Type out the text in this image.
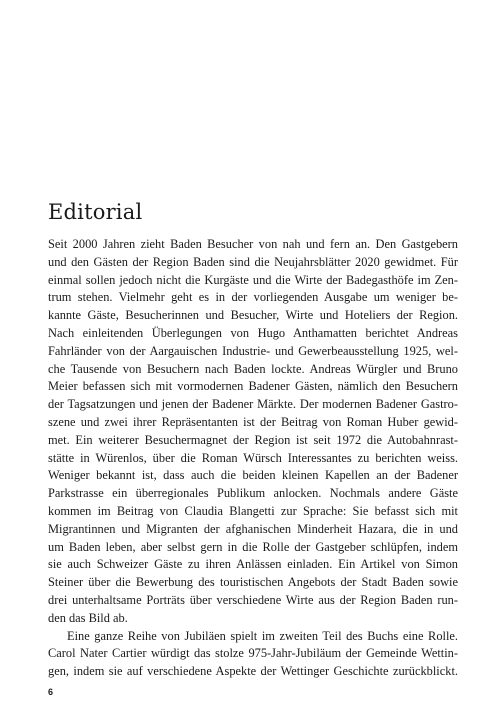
Editorial
Seit 2000 Jahren zieht Baden Besucher von nah und fern an. Den Gastgebern
und den Gästen der Region Baden sind die Neujahrsblätter 2020 gewidmet. Für
einmal sollen jedoch nicht die Kurgäste und die Wirte der Badegasthöfe im Zen-
trum stehen. Vielmehr geht es in der vorliegenden Ausgabe um weniger be-
kannte Gäste, Besucherinnen und Besucher, Wirte und Hoteliers der Region.
Nach einleitenden Überlegungen von Hugo Anthamatten berichtet Andreas
Fahrländer von der Aargauischen Industrie- und Gewerbeausstellung 1925, wel-
che Tausende von Besuchern nach Baden lockte. Andreas Würgler und Bruno
Meier befassen sich mit vormodernen Badener Gästen, nämlich den Besuchern
der Tagsatzungen und jenen der Badener Märkte. Der modernen Badener Gastro-
szene und zwei ihrer Repräsentanten ist der Beitrag von Roman Huber gewid-
met. Ein weiterer Besuchermagnet der Region ist seit 1972 die Autobahnrast-
stätte in Würenlos, über die Roman Würsch Interessantes zu berichten weiss.
Weniger bekannt ist, dass auch die beiden kleinen Kapellen an der Badener
Parkstrasse ein überregionales Publikum anlocken. Nochmals andere Gäste
kommen im Beitrag von Claudia Blangetti zur Sprache: Sie befasst sich mit
Migrantinnen und Migranten der afghanischen Minderheit Hazara, die in und
um Baden leben, aber selbst gern in die Rolle der Gastgeber schlüpfen, indem
sie auch Schweizer Gäste zu ihren Anlässen einladen. Ein Artikel von Simon
Steiner über die Bewerbung des touristischen Angebots der Stadt Baden sowie
drei unterhaltsame Porträts über verschiedene Wirte aus der Region Baden run-
den das Bild ab.
Eine ganze Reihe von Jubiläen spielt im zweiten Teil des Buchs eine Rolle.
Carol Nater Cartier würdigt das stolze 975-Jahr-Jubiläum der Gemeinde Wettin-
gen, indem sie auf verschiedene Aspekte der Wettinger Geschichte zurückblickt.
6
